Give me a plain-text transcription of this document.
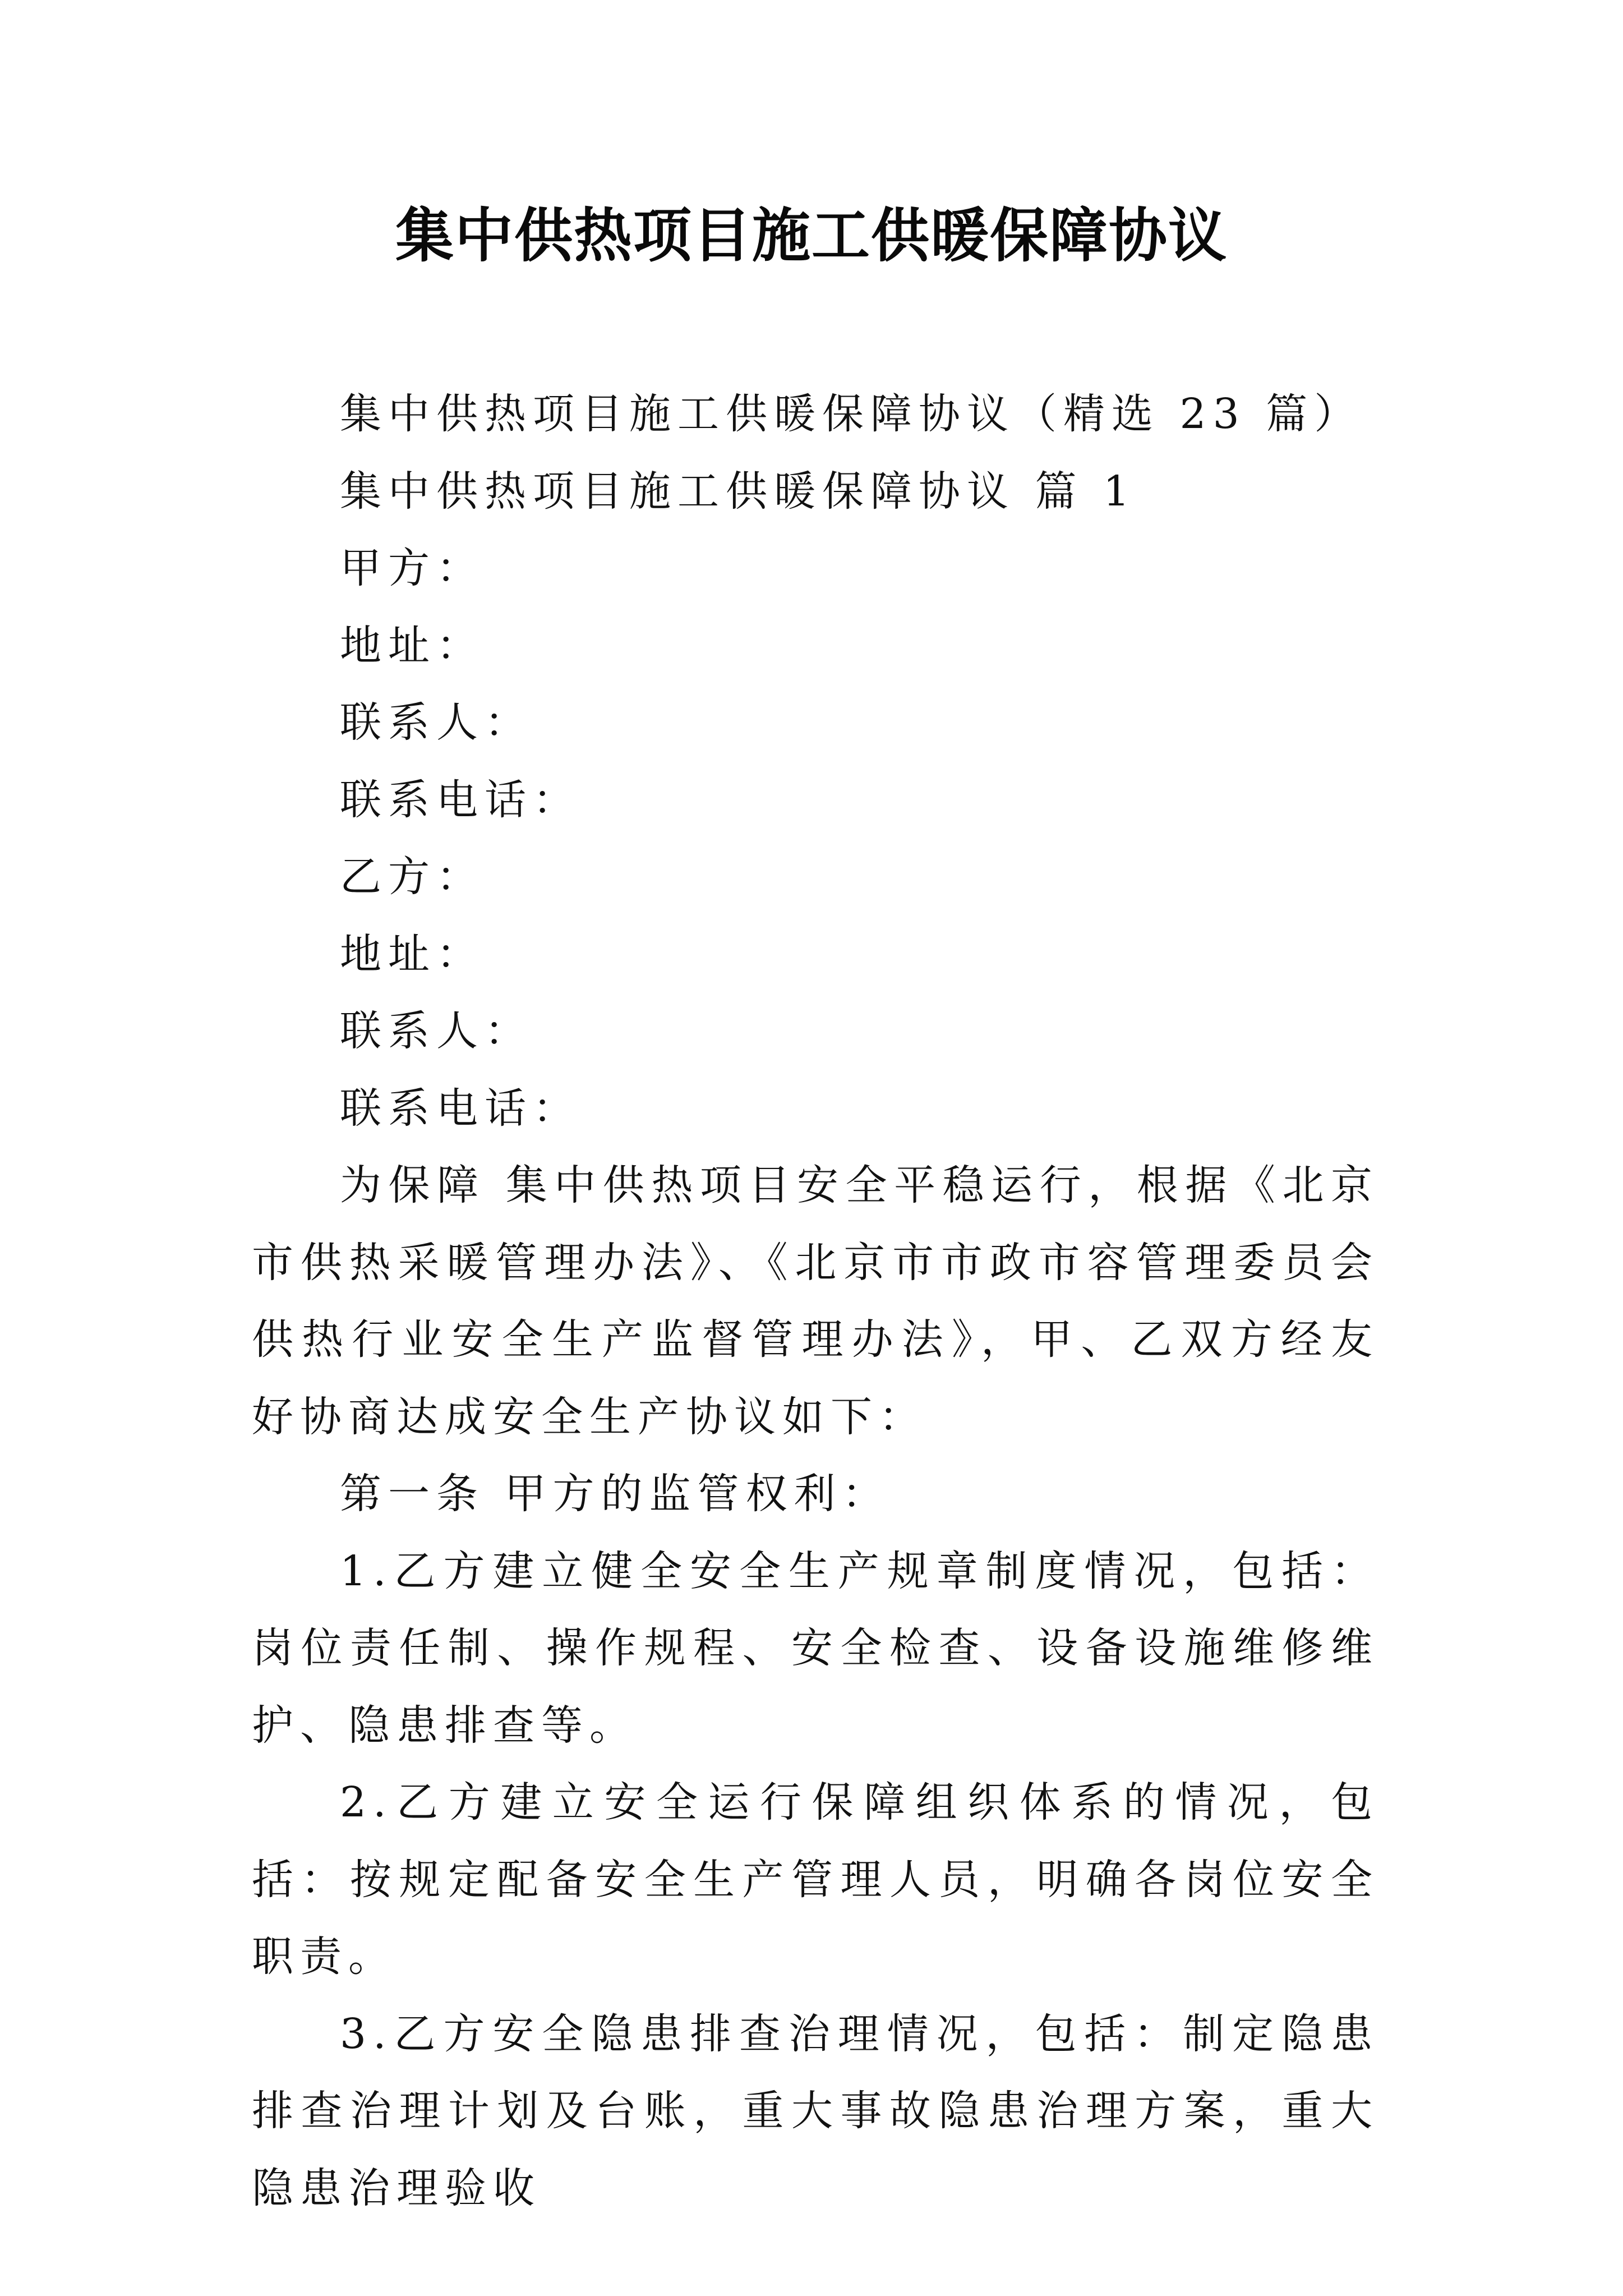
集中供热项目施工供暖保障协议
集中供热项目施工供暖保障协议（精选 23 篇）
集中供热项目施工供暖保障协议 篇 1
甲方：
地址：
联系人：
联系电话：
乙方：
地址：
联系人：
联系电话：

为保障 集中供热项目安全平稳运行，根据《北京市供热采暖管理办法》、《北京市市政市容管理委员会供热行业安全生产监督管理办法》，甲、乙双方经友好协商达成安全生产协议如下：

第一条 甲方的监管权利：

1.乙方建立健全安全生产规章制度情况，包括：岗位责任制、操作规程、安全检查、设备设施维修维护、隐患排查等。

2.乙方建立安全运行保障组织体系的情况，包括：按规定配备安全生产管理人员，明确各岗位安全职责。

3.乙方安全隐患排查治理情况，包括：制定隐患排查治理计划及台账，重大事故隐患治理方案，重大隐患治理验收
